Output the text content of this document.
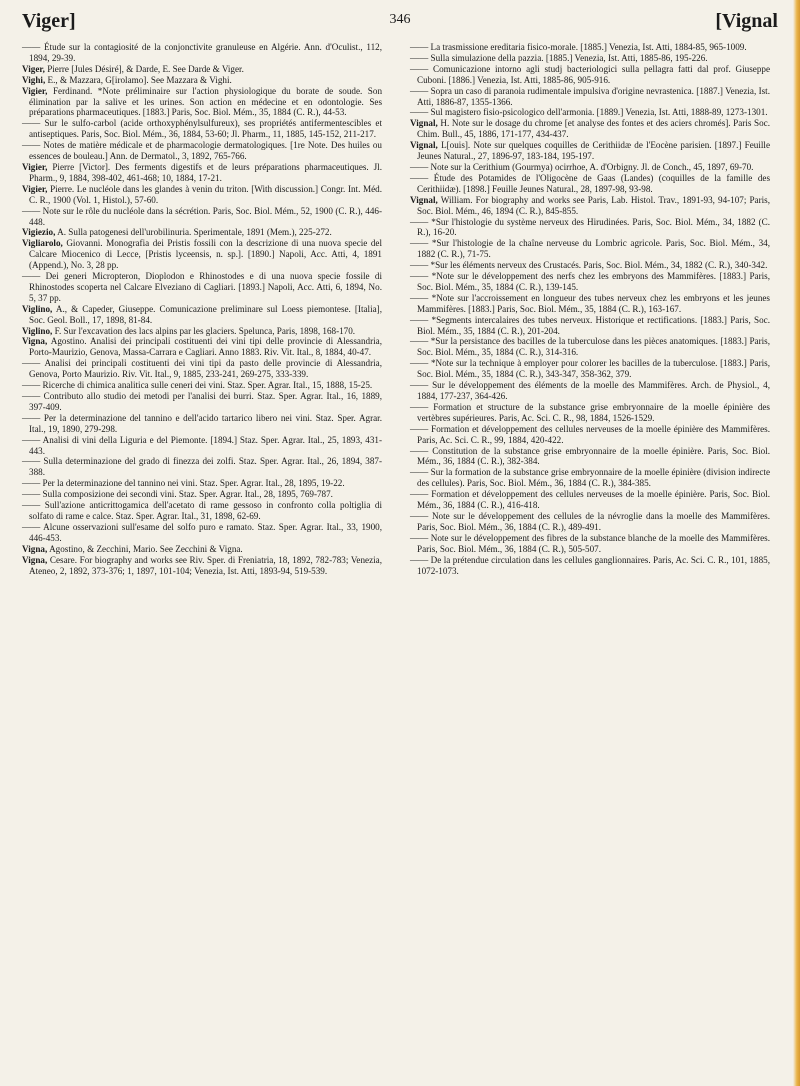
Viger]	346	[Vignal

—— Étude sur la contagiosité de la conjonctivite granuleuse en Algérie. Ann. d'Oculist., 112, 1894, 29-39.

Viger, Pierre [Jules Désiré], & Darde, E. See Darde & Viger.

Vighi, E., & Mazzara, G[irolamo]. See Mazzara & Vighi.

Vigier, Ferdinand. *Note préliminaire sur l'action physiologique du borate de soude. Son élimination par la salive et les urines. Son action en médecine et en odontologie. Ses préparations pharmaceutiques. [1883.] Paris, Soc. Biol. Mém., 35, 1884 (C. R.), 44-53.

—— Sur le sulfo-carbol (acide orthoxyphénylsulfureux), ses propriétés antifermentescibles et antiseptiques. Paris, Soc. Biol. Mém., 36, 1884, 53-60; Jl. Pharm., 11, 1885, 145-152, 211-217.

—— Notes de matière médicale et de pharmacologie dermatologiques. [1re Note. Des huiles ou essences de bouleau.] Ann. de Dermatol., 3, 1892, 765-766.

Vigier, Pierre [Victor]. Des ferments digestifs et de leurs préparations pharmaceutiques. Jl. Pharm., 9, 1884, 398-402, 461-468; 10, 1884, 17-21.

Vigier, Pierre. Le nucléole dans les glandes à venin du triton. [With discussion.] Congr. Int. Méd. C. R., 1900 (Vol. 1, Histol.), 57-60.

—— Note sur le rôle du nucléole dans la sécrétion. Paris, Soc. Biol. Mém., 52, 1900 (C. R.), 446-448.

Vigiezio, A. Sulla patogenesi dell'urobilinuria. Sperimentale, 1891 (Mem.), 225-272.

Vigliarolo, Giovanni. Monografia dei Pristis fossili con la descrizione di una nuova specie del Calcare Miocenico di Lecce, [Pristis lyceensis, n. sp.]. [1890.] Napoli, Acc. Atti, 4, 1891 (Append.), No. 3, 28 pp.

—— Dei generi Micropteron, Dioplodon e Rhinostodes e di una nuova specie fossile di Rhinostodes scoperta nel Calcare Elveziano di Cagliari. [1893.] Napoli, Acc. Atti, 6, 1894, No. 5, 37 pp.

Viglino, A., & Capeder, Giuseppe. Comunicazione preliminare sul Loess piemontese. [Italia], Soc. Geol. Boll., 17, 1898, 81-84.

Viglino, F. Sur l'excavation des lacs alpins par les glaciers. Spelunca, Paris, 1898, 168-170.

Vigna, Agostino. Analisi dei principali costituenti dei vini tipi delle provincie di Alessandria, Porto-Maurizio, Genova, Massa-Carrara e Cagliari. Anno 1883. Riv. Vit. Ital., 8, 1884, 40-47.

—— Analisi dei principali costituenti dei vini tipi da pasto delle provincie di Alessandria, Genova, Porto Maurizio. Riv. Vit. Ital., 9, 1885, 233-241, 269-275, 333-339.

—— Ricerche di chimica analitica sulle ceneri dei vini. Staz. Sper. Agrar. Ital., 15, 1888, 15-25.

—— Contributo allo studio dei metodi per l'analisi dei burri. Staz. Sper. Agrar. Ital., 16, 1889, 397-409.

—— Per la determinazione del tannino e dell'acido tartarico libero nei vini. Staz. Sper. Agrar. Ital., 19, 1890, 279-298.

—— Analisi di vini della Liguria e del Piemonte. [1894.] Staz. Sper. Agrar. Ital., 25, 1893, 431-443.

—— Sulla determinazione del grado di finezza dei zolfi. Staz. Sper. Agrar. Ital., 26, 1894, 387-388.

—— Per la determinazione del tannino nei vini. Staz. Sper. Agrar. Ital., 28, 1895, 19-22.

—— Sulla composizione dei secondi vini. Staz. Sper. Agrar. Ital., 28, 1895, 769-787.

—— Sull'azione anticrittogamica dell'acetato di rame gessoso in confronto colla poltiglia di solfato di rame e calce. Staz. Sper. Agrar. Ital., 31, 1898, 62-69.

—— Alcune osservazioni sull'esame del solfo puro e ramato. Staz. Sper. Agrar. Ital., 33, 1900, 446-453.

Vigna, Agostino, & Zecchini, Mario. See Zecchini & Vigna.

Vigna, Cesare. For biography and works see Riv. Sper. di Freniatria, 18, 1892, 782-783; Venezia, Ateneo, 2, 1892, 373-376; 1, 1897, 101-104; Venezia, Ist. Atti, 1893-94, 519-539.

—— La trasmissione ereditaria fisico-morale. [1885.] Venezia, Ist. Atti, 1884-85, 965-1009.

—— Sulla simulazione della pazzia. [1885.] Venezia, Ist. Atti, 1885-86, 195-226.

—— Comunicazione intorno agli studj bacteriologici sulla pellagra fatti dal prof. Giuseppe Cuboni. [1886.] Venezia, Ist. Atti, 1885-86, 905-916.

—— Sopra un caso di paranoia rudimentale impulsiva d'origine nevrastenica. [1887.] Venezia, Ist. Atti, 1886-87, 1355-1366.

—— Sul magistero fisio-psicologico dell'armonia. [1889.] Venezia, Ist. Atti, 1888-89, 1273-1301.

Vignal, H. Note sur le dosage du chrome [et analyse des fontes et des aciers chromés]. Paris Soc. Chim. Bull., 45, 1886, 171-177, 434-437.

Vignal, L[ouis]. Note sur quelques coquilles de Cerithiidæ de l'Eocène parisien. [1897.] Feuille Jeunes Natural., 27, 1896-97, 183-184, 195-197.

—— Note sur la Cerithium (Gourmya) ocirrhoe, A. d'Orbigny. Jl. de Conch., 45, 1897, 69-70.

—— Étude des Potamides de l'Oligocène de Gaas (Landes) (coquilles de la famille des Cerithiidæ). [1898.] Feuille Jeunes Natural., 28, 1897-98, 93-98.

Vignal, William. For biography and works see Paris, Lab. Histol. Trav., 1891-93, 94-107; Paris, Soc. Biol. Mém., 46, 1894 (C. R.), 845-855.

—— *Sur l'histologie du système nerveux des Hirudinées. Paris, Soc. Biol. Mém., 34, 1882 (C. R.), 16-20.

—— *Sur l'histologie de la chaîne nerveuse du Lombric agricole. Paris, Soc. Biol. Mém., 34, 1882 (C. R.), 71-75.

—— *Sur les éléments nerveux des Crustacés. Paris, Soc. Biol. Mém., 34, 1882 (C. R.), 340-342.

—— *Note sur le développement des nerfs chez les embryons des Mammifères. [1883.] Paris, Soc. Biol. Mém., 35, 1884 (C. R.), 139-145.

—— *Note sur l'accroissement en longueur des tubes nerveux chez les embryons et les jeunes Mammifères. [1883.] Paris, Soc. Biol. Mém., 35, 1884 (C. R.), 163-167.

—— *Segments intercalaires des tubes nerveux. Historique et rectifications. [1883.] Paris, Soc. Biol. Mém., 35, 1884 (C. R.), 201-204.

—— *Sur la persistance des bacilles de la tuberculose dans les pièces anatomiques. [1883.] Paris, Soc. Biol. Mém., 35, 1884 (C. R.), 314-316.

—— *Note sur la technique à employer pour colorer les bacilles de la tuberculose. [1883.] Paris, Soc. Biol. Mém., 35, 1884 (C. R.), 343-347, 358-362, 379.

—— Sur le développement des éléments de la moelle des Mammifères. Arch. de Physiol., 4, 1884, 177-237, 364-426.

—— Formation et structure de la substance grise embryonnaire de la moelle épinière des vertèbres supérieures. Paris, Ac. Sci. C. R., 98, 1884, 1526-1529.

—— Formation et développement des cellules nerveuses de la moelle épinière des Mammifères. Paris, Ac. Sci. C. R., 99, 1884, 420-422.

—— Constitution de la substance grise embryonnaire de la moelle épinière. Paris, Soc. Biol. Mém., 36, 1884 (C. R.), 382-384.

—— Sur la formation de la substance grise embryonnaire de la moelle épinière (division indirecte des cellules). Paris, Soc. Biol. Mém., 36, 1884 (C. R.), 384-385.

—— Formation et développement des cellules nerveuses de la moelle épinière. Paris, Soc. Biol. Mém., 36, 1884 (C. R.), 416-418.

—— Note sur le développement des cellules de la névroglie dans la moelle des Mammifères. Paris, Soc. Biol. Mém., 36, 1884 (C. R.), 489-491.

—— Note sur le développement des fibres de la substance blanche de la moelle des Mammifères. Paris, Soc. Biol. Mém., 36, 1884 (C. R.), 505-507.

—— De la prétendue circulation dans les cellules ganglionnaires. Paris, Ac. Sci. C. R., 101, 1885, 1072-1073.
